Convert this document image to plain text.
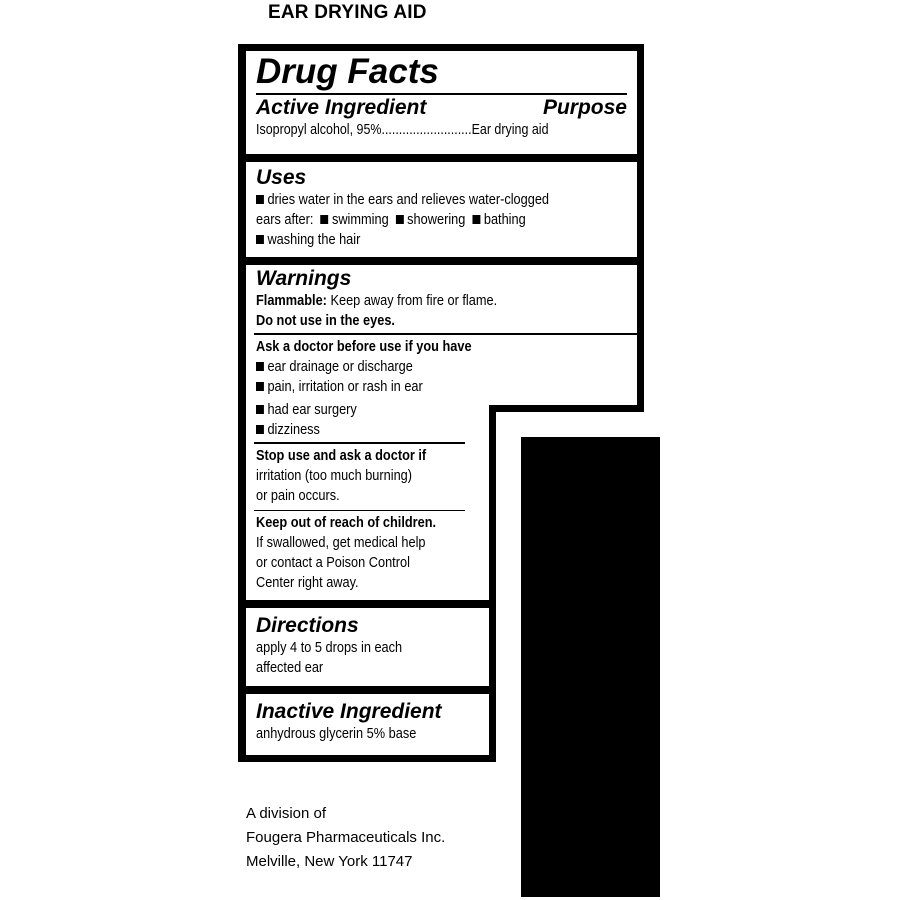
EAR DRYING AID
Drug Facts
Active Ingredient	Purpose
Isopropyl alcohol, 95% .......................... Ear drying aid
Uses
dries water in the ears and relieves water-clogged
ears after: swimming showering bathing
washing the hair
Warnings
Flammable: Keep away from fire or flame.
Do not use in the eyes.
Ask a doctor before use if you have
ear drainage or discharge
pain, irritation or rash in ear
had ear surgery
dizziness
Stop use and ask a doctor if
irritation (too much burning)
or pain occurs.
Keep out of reach of children.
If swallowed, get medical help
or contact a Poison Control
Center right away.
Directions
apply 4 to 5 drops in each
affected ear
Inactive Ingredient
anhydrous glycerin 5% base
A division of
Fougera Pharmaceuticals Inc.
Melville, New York 11747
